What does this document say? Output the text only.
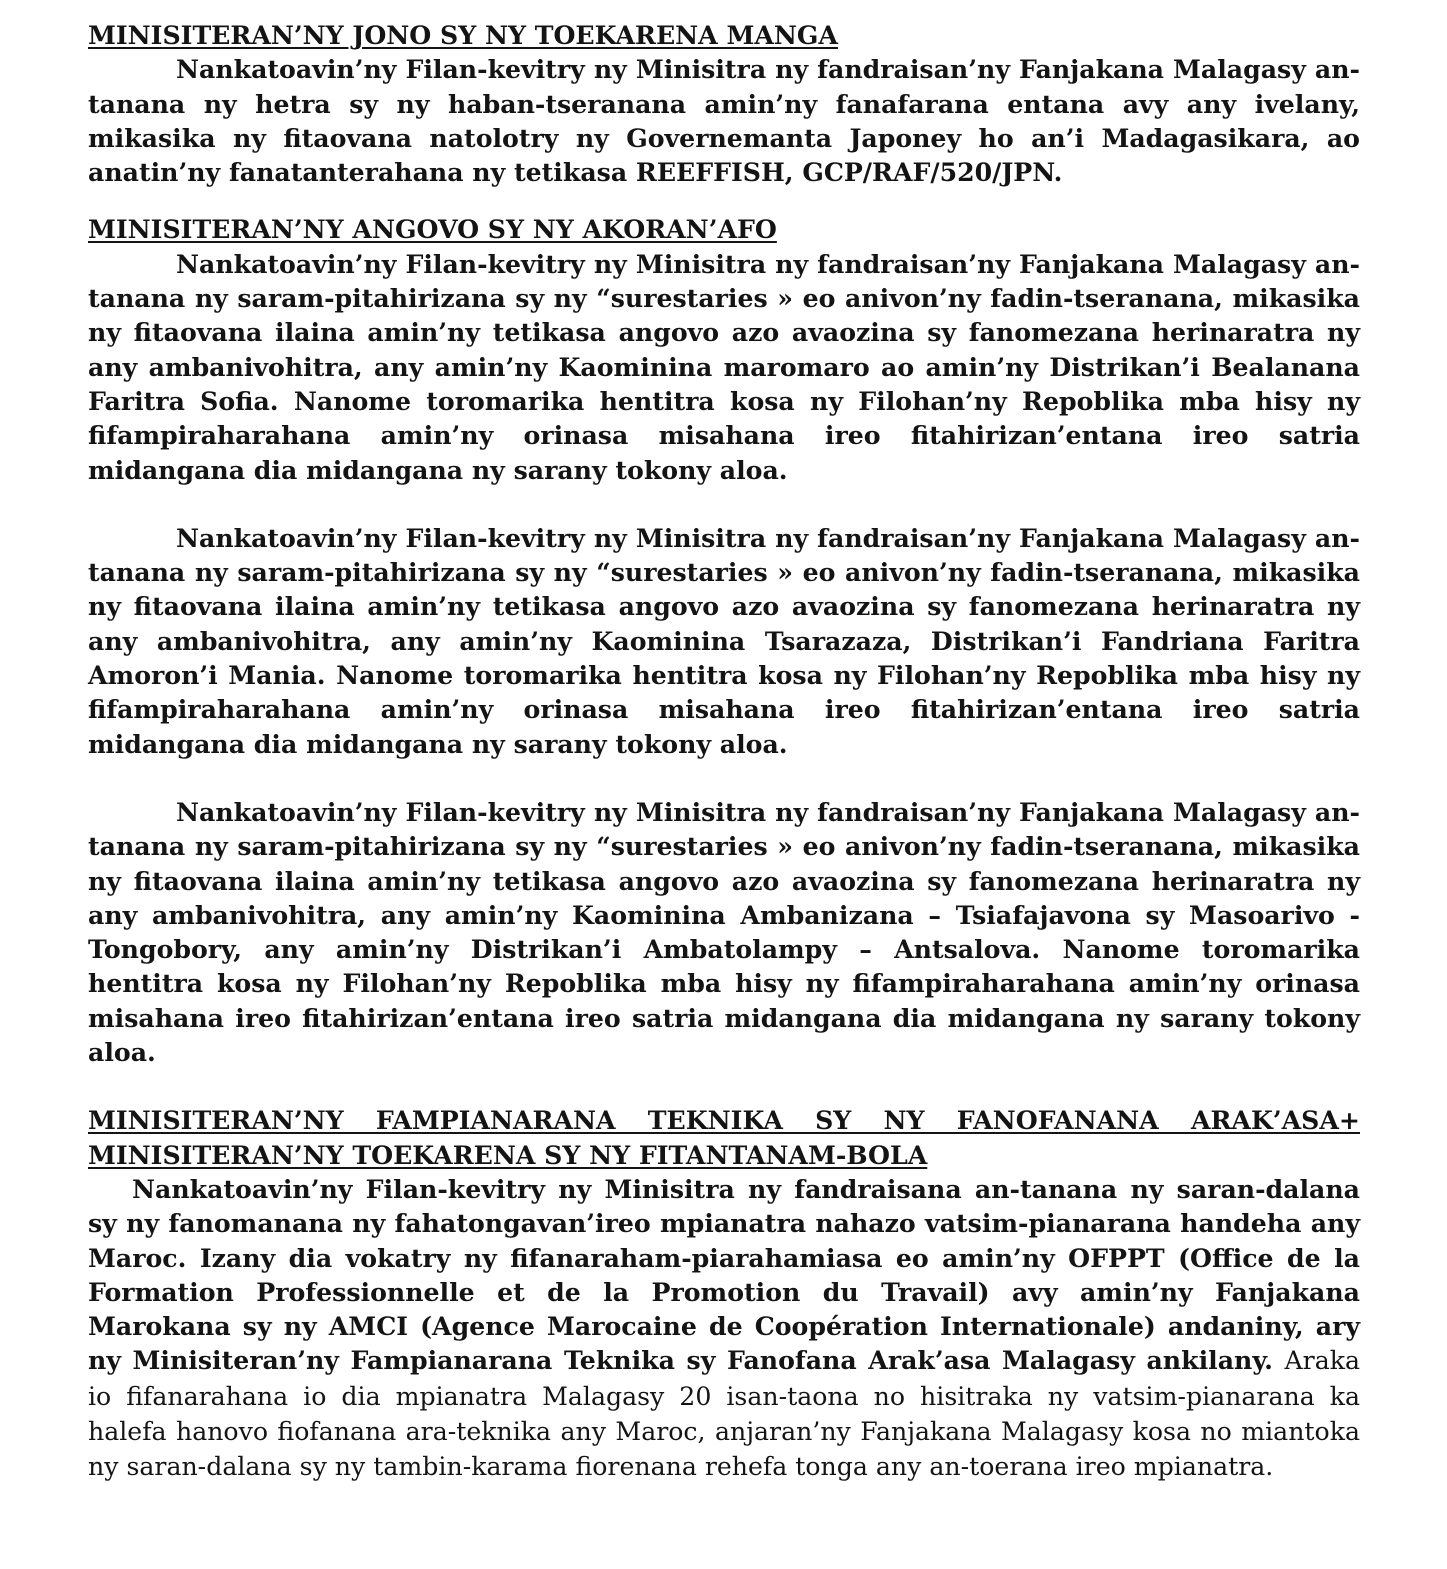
MINISITERAN’NY JONO SY NY TOEKARENA MANGA

Nankatoavin’ny Filan-kevitry ny Minisitra ny fandraisan’ny Fanjakana Malagasy an-tanana ny hetra sy ny haban-tseranana amin’ny fanafarana entana avy any ivelany, mikasika ny fitaovana natolotry ny Governemanta Japoney ho an’i Madagasikara, ao anatin’ny fanatanterahana ny tetikasa REEFFISH, GCP/RAF/520/JPN.

MINISITERAN’NY ANGOVO SY NY AKORAN’AFO

Nankatoavin’ny Filan-kevitry ny Minisitra ny fandraisan’ny Fanjakana Malagasy an-tanana ny saram-pitahirizana sy ny “surestaries » eo anivon’ny fadin-tseranana, mikasika ny fitaovana ilaina amin’ny tetikasa angovo azo avaozina sy fanomezana herinaratra ny any ambanivohitra, any amin’ny Kaominina maromaro ao amin’ny Distrikan’i Bealanana Faritra Sofia. Nanome toromarika hentitra kosa ny Filohan’ny Repoblika mba hisy ny fifampiraharahana amin’ny orinasa misahana ireo fitahirizan’entana ireo satria midangana dia midangana ny sarany tokony aloa.

Nankatoavin’ny Filan-kevitry ny Minisitra ny fandraisan’ny Fanjakana Malagasy an-tanana ny saram-pitahirizana sy ny “surestaries » eo anivon’ny fadin-tseranana, mikasika ny fitaovana ilaina amin’ny tetikasa angovo azo avaozina sy fanomezana herinaratra ny any ambanivohitra, any amin’ny Kaominina Tsarazaza, Distrikan’i Fandriana Faritra Amoron’i Mania. Nanome toromarika hentitra kosa ny Filohan’ny Repoblika mba hisy ny fifampiraharahana amin’ny orinasa misahana ireo fitahirizan’entana ireo satria midangana dia midangana ny sarany tokony aloa.

Nankatoavin’ny Filan-kevitry ny Minisitra ny fandraisan’ny Fanjakana Malagasy an-tanana ny saram-pitahirizana sy ny “surestaries » eo anivon’ny fadin-tseranana, mikasika ny fitaovana ilaina amin’ny tetikasa angovo azo avaozina sy fanomezana herinaratra ny any ambanivohitra, any amin’ny Kaominina Ambanizana – Tsiafajavona sy Masoarivo - Tongobory, any amin’ny Distrikan’i Ambatolampy – Antsalova. Nanome toromarika hentitra kosa ny Filohan’ny Repoblika mba hisy ny fifampiraharahana amin’ny orinasa misahana ireo fitahirizan’entana ireo satria midangana dia midangana ny sarany tokony aloa.

MINISITERAN’NY FAMPIANARANA TEKNIKA SY NY FANOFANANA ARAK’ASA+

MINISITERAN’NY TOEKARENA SY NY FITANTANAM-BOLA

Nankatoavin’ny Filan-kevitry ny Minisitra ny fandraisana an-tanana ny saran-dalana sy ny fanomanana ny fahatongavan’ireo mpianatra nahazo vatsim-pianarana handeha any Maroc. Izany dia vokatry ny fifanaraham-piarahamiasa eo amin’ny OFPPT (Office de la Formation Professionnelle et de la Promotion du Travail) avy amin’ny Fanjakana Marokana sy ny AMCI (Agence Marocaine de Coopération Internationale) andaniny, ary ny Minisiteran’ny Fampianarana Teknika sy Fanofana Arak’asa Malagasy ankilany. Araka io fifanarahana io dia mpianatra Malagasy 20 isan-taona no hisitraka ny vatsim-pianarana ka halefa hanovo fiofanana ara-teknika any Maroc, anjaran’ny Fanjakana Malagasy kosa no miantoka ny saran-dalana sy ny tambin-karama fiorenana rehefa tonga any an-toerana ireo mpianatra.
